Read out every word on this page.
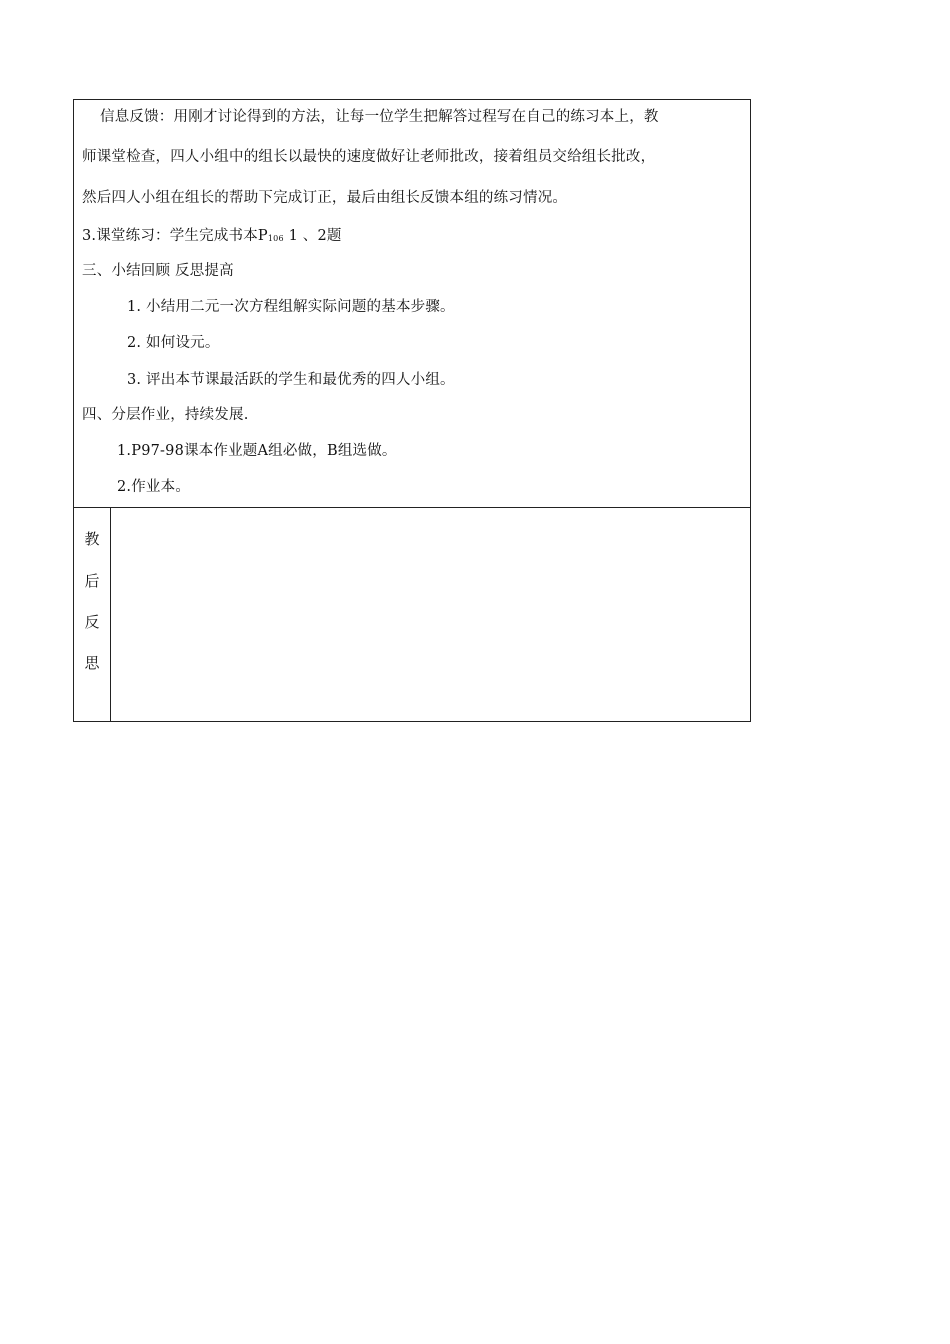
信息反馈：用刚才讨论得到的方法，让每一位学生把解答过程写在自己的练习本上，教
师课堂检查，四人小组中的组长以最快的速度做好让老师批改，接着组员交给组长批改，
然后四人小组在组长的帮助下完成订正，最后由组长反馈本组的练习情况。
3.课堂练习：学生完成书本P106 1 、2题
三、小结回顾 反思提高
1. 小结用二元一次方程组解实际问题的基本步骤。
2. 如何设元。
3. 评出本节课最活跃的学生和最优秀的四人小组。
四、分层作业，持续发展.
1.P97-98课本作业题A组必做，B组选做。
2.作业本。

教
后
反
思
